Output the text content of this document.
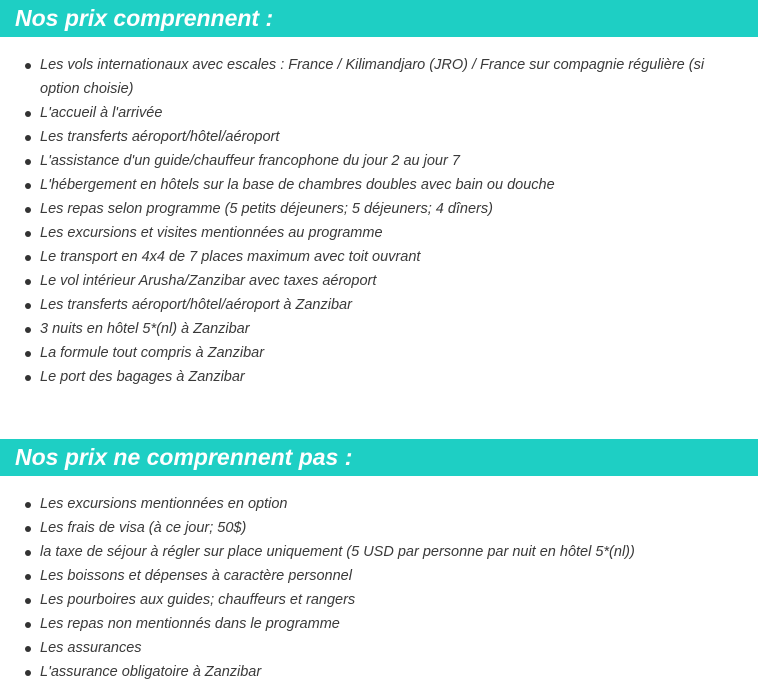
Nos prix comprennent :
Les vols internationaux avec escales : France / Kilimandjaro (JRO) / France sur compagnie régulière (si option choisie)
L'accueil à l'arrivée
Les transferts aéroport/hôtel/aéroport
L'assistance d'un guide/chauffeur francophone du jour 2 au jour 7
L'hébergement en hôtels sur la base de chambres doubles avec bain ou douche
Les repas selon programme (5 petits déjeuners; 5 déjeuners; 4 dîners)
Les excursions et visites mentionnées au programme
Le transport en 4x4 de 7 places maximum avec toit ouvrant
Le vol intérieur Arusha/Zanzibar avec taxes aéroport
Les transferts aéroport/hôtel/aéroport à Zanzibar
3 nuits en hôtel 5*(nl) à Zanzibar
La formule tout compris à Zanzibar
Le port des bagages à Zanzibar
Nos prix ne comprennent pas :
Les excursions mentionnées en option
Les frais de visa (à ce jour; 50$)
la taxe de séjour à régler sur place uniquement (5 USD par personne par nuit en hôtel 5*(nl))
Les boissons et dépenses à caractère personnel
Les pourboires aux guides; chauffeurs et rangers
Les repas non mentionnés dans le programme
Les assurances
L'assurance obligatoire à Zanzibar
